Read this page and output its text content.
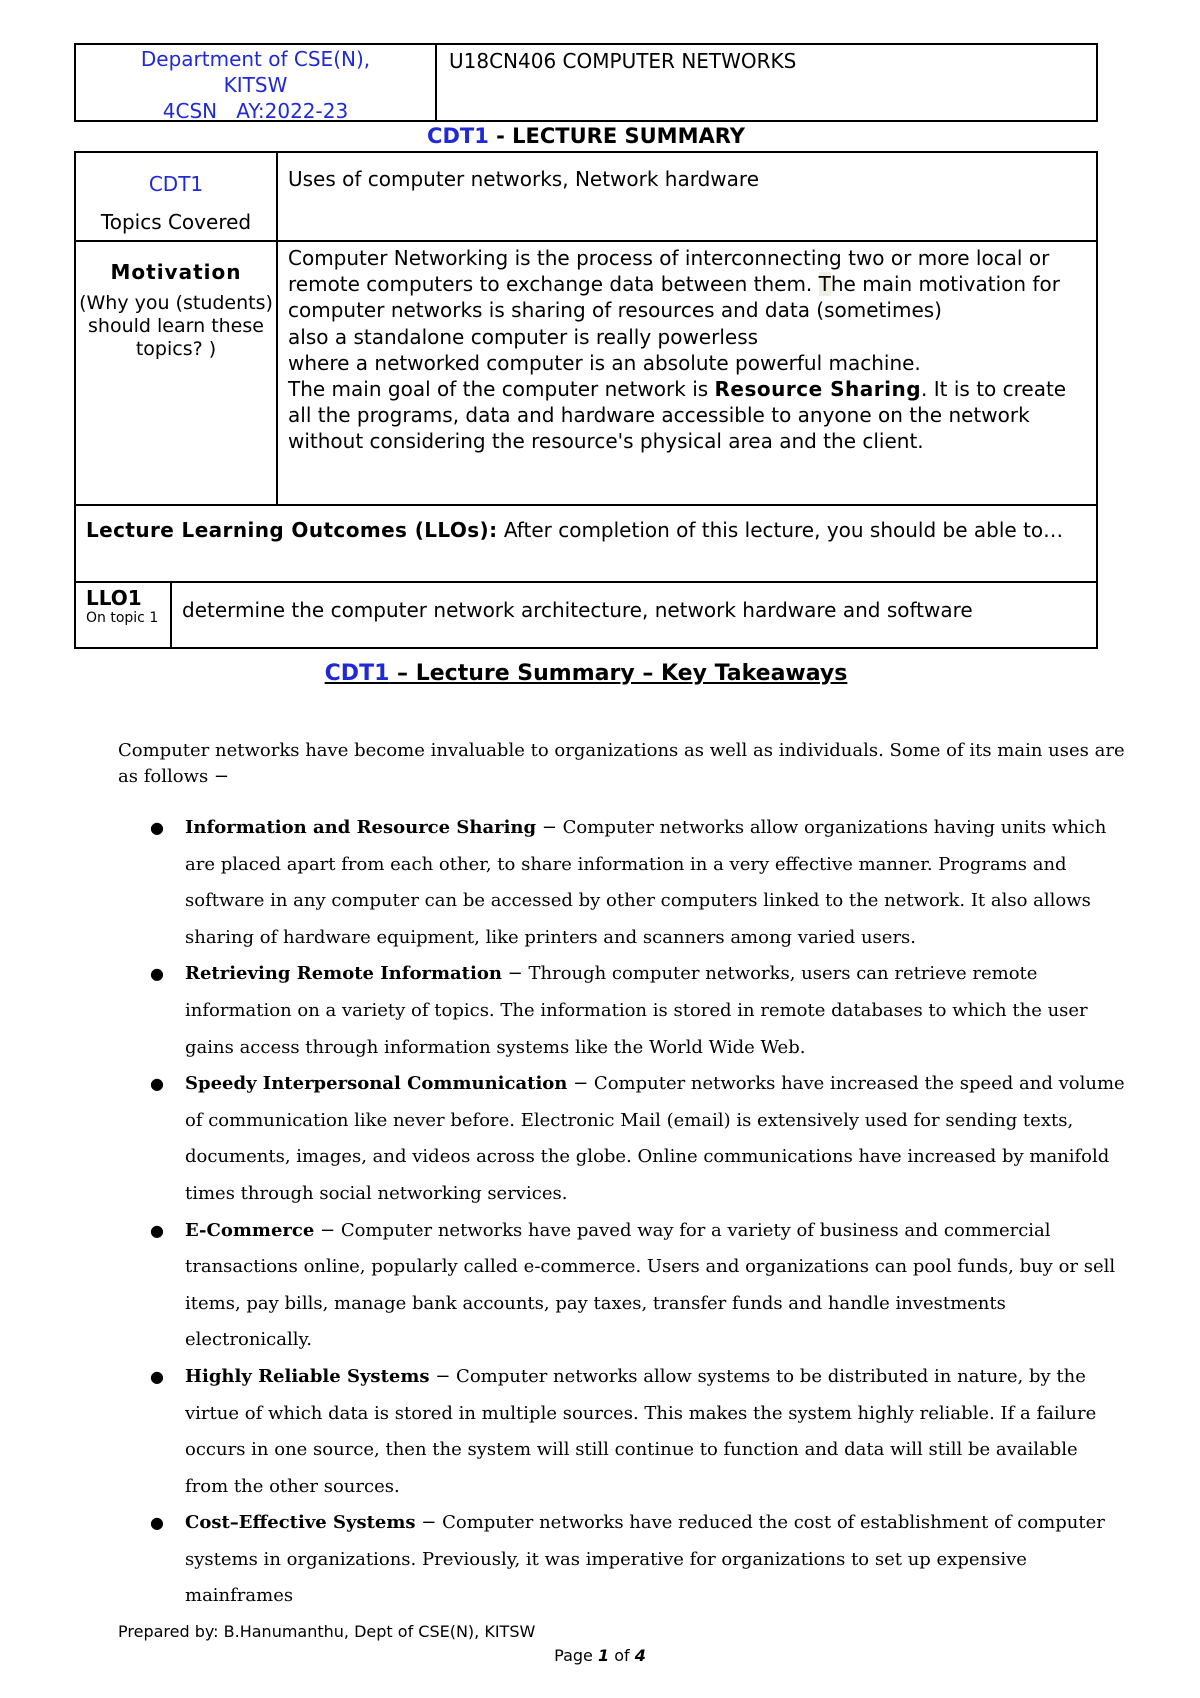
Department of CSE(N),
KITSW
4CSN   AY:2022-23
U18CN406 COMPUTER NETWORKS
CDT1 - LECTURE SUMMARY
CDT1
Topics Covered
Uses of computer networks, Network hardware
Motivation
(Why you (students) should learn these topics? )
Computer Networking is the process of interconnecting two or more local or remote computers to exchange data between them. The main motivation for computer networks is sharing of resources and data (sometimes)
also a standalone computer is really powerless
where a networked computer is an absolute powerful machine.
The main goal of the computer network is Resource Sharing. It is to create all the programs, data and hardware accessible to anyone on the network without considering the resource's physical area and the client.
Lecture Learning Outcomes (LLOs): After completion of this lecture, you should be able to…
LLO1
On topic 1	determine the computer network architecture, network hardware and software
CDT1 – Lecture Summary – Key Takeaways
Computer networks have become invaluable to organizations as well as individuals. Some of its main uses are as follows −
● Information and Resource Sharing − Computer networks allow organizations having units which are placed apart from each other, to share information in a very effective manner. Programs and software in any computer can be accessed by other computers linked to the network. It also allows sharing of hardware equipment, like printers and scanners among varied users.
● Retrieving Remote Information − Through computer networks, users can retrieve remote information on a variety of topics. The information is stored in remote databases to which the user gains access through information systems like the World Wide Web.
● Speedy Interpersonal Communication − Computer networks have increased the speed and volume of communication like never before. Electronic Mail (email) is extensively used for sending texts, documents, images, and videos across the globe. Online communications have increased by manifold times through social networking services.
● E-Commerce − Computer networks have paved way for a variety of business and commercial transactions online, popularly called e-commerce. Users and organizations can pool funds, buy or sell items, pay bills, manage bank accounts, pay taxes, transfer funds and handle investments electronically.
● Highly Reliable Systems − Computer networks allow systems to be distributed in nature, by the virtue of which data is stored in multiple sources. This makes the system highly reliable. If a failure occurs in one source, then the system will still continue to function and data will still be available from the other sources.
● Cost–Effective Systems − Computer networks have reduced the cost of establishment of computer systems in organizations. Previously, it was imperative for organizations to set up expensive mainframes
Prepared by: B.Hanumanthu, Dept of CSE(N), KITSW
Page 1 of 4
